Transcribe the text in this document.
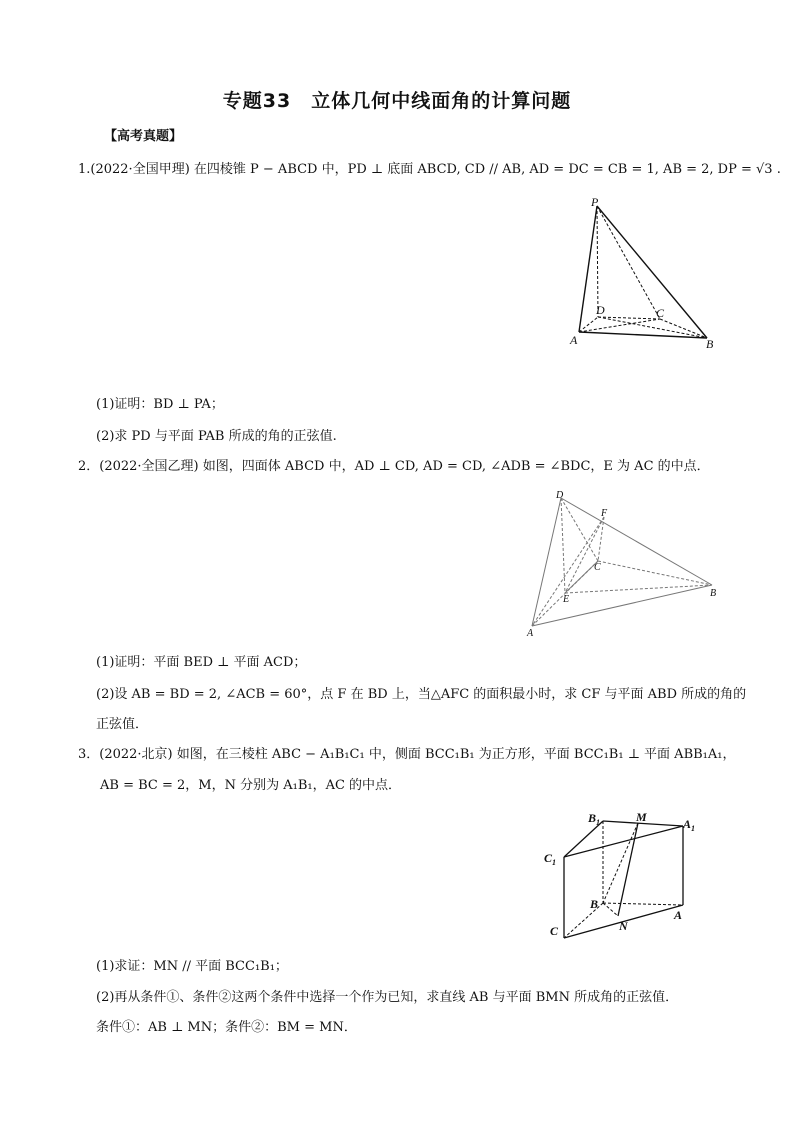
专题33　立体几何中线面角的计算问题
【高考真题】
1.(2022·全国甲理) 在四棱锥 P − ABCD 中，PD ⊥ 底面 ABCD, CD // AB, AD = DC = CB = 1, AB = 2, DP = √3 .
P
A	B
C
D
(1)证明：BD ⊥ PA；
(2)求 PD 与平面 PAB 所成的角的正弦值.
2．(2022·全国乙理) 如图，四面体 ABCD 中，AD ⊥ CD, AD = CD, ∠ADB = ∠BDC，E 为 AC 的中点．
D
F
C
E
A
B
(1)证明：平面 BED ⊥ 平面 ACD；
(2)设 AB = BD = 2, ∠ACB = 60°，点 F 在 BD 上，当△AFC 的面积最小时，求 CF 与平面 ABD 所成的角的
正弦值．
3．(2022·北京) 如图，在三棱柱 ABC − A₁B₁C₁ 中，侧面 BCC₁B₁ 为正方形，平面 BCC₁B₁ ⊥ 平面 ABB₁A₁，
AB = BC = 2，M，N 分别为 A₁B₁，AC 的中点．
$B_1$	M	$A_1$
$C_1$
B
A
C	N
(1)求证：MN // 平面 BCC₁B₁；
(2)再从条件①、条件②这两个条件中选择一个作为已知，求直线 AB 与平面 BMN 所成角的正弦值．
条件①：AB ⊥ MN；条件②：BM = MN．
